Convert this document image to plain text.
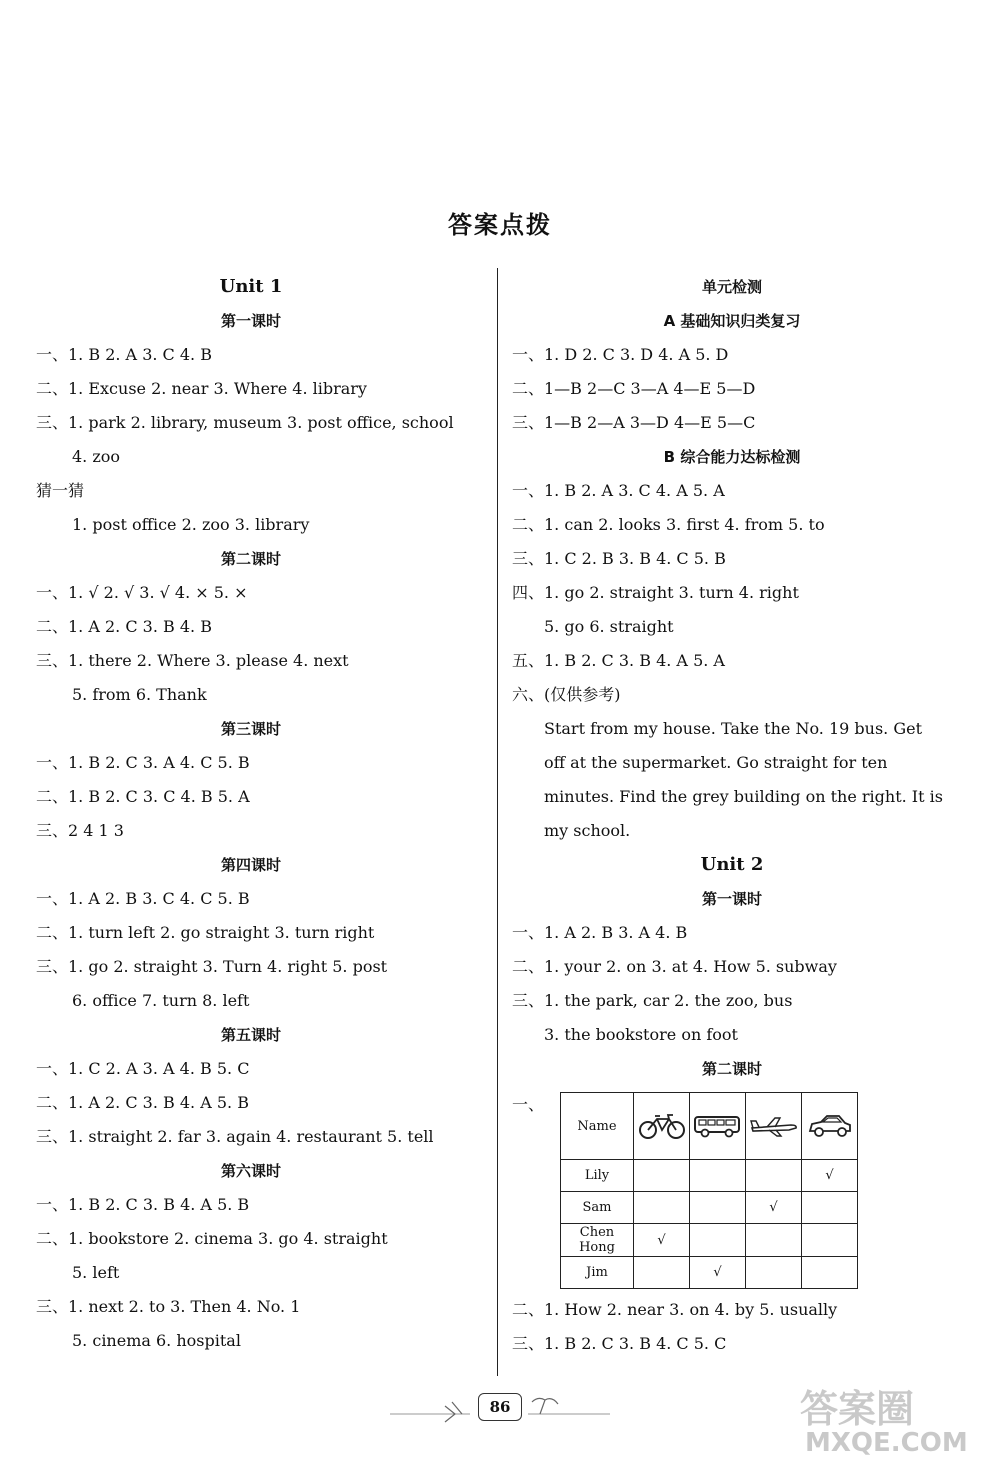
答案点拨
Unit 1
第一课时
一、1. B 2. A 3. C 4. B
二、1. Excuse 2. near 3. Where 4. library
三、1. park 2. library, museum 3. post office, school
4. zoo
猜一猜
1. post office 2. zoo 3. library
第二课时
一、1. √ 2. √ 3. √ 4. × 5. ×
二、1. A 2. C 3. B 4. B
三、1. there 2. Where 3. please 4. next
5. from 6. Thank
第三课时
一、1. B 2. C 3. A 4. C 5. B
二、1. B 2. C 3. C 4. B 5. A
三、2 4 1 3
第四课时
一、1. A 2. B 3. C 4. C 5. B
二、1. turn left 2. go straight 3. turn right
三、1. go 2. straight 3. Turn 4. right 5. post
6. office 7. turn 8. left
第五课时
一、1. C 2. A 3. A 4. B 5. C
二、1. A 2. C 3. B 4. A 5. B
三、1. straight 2. far 3. again 4. restaurant 5. tell
第六课时
一、1. B 2. C 3. B 4. A 5. B
二、1. bookstore 2. cinema 3. go 4. straight
5. left
三、1. next 2. to 3. Then 4. No. 1
5. cinema 6. hospital
单元检测
A 基础知识归类复习
一、1. D 2. C 3. D 4. A 5. D
二、1—B 2—C 3—A 4—E 5—D
三、1—B 2—A 3—D 4—E 5—C
B 综合能力达标检测
一、1. B 2. A 3. C 4. A 5. A
二、1. can 2. looks 3. first 4. from 5. to
三、1. C 2. B 3. B 4. C 5. B
四、1. go 2. straight 3. turn 4. right
5. go 6. straight
五、1. B 2. C 3. B 4. A 5. A
六、(仅供参考)
Start from my house. Take the No. 19 bus. Get off at the supermarket. Go straight for ten minutes. Find the grey building on the right. It is my school.
Unit 2
第一课时
一、1. A 2. B 3. A 4. B
二、1. your 2. on 3. at 4. How 5. subway
三、1. the park, car 2. the zoo, bus
3. the bookstore on foot
第二课时
一、
Name	

Lily				√
Sam			√	
Chen Hong	√			
Jim		√		
二、1. How 2. near 3. on 4. by 5. usually
三、1. B 2. C 3. B 4. C 5. C
86	答案圈
MXQE.COM
